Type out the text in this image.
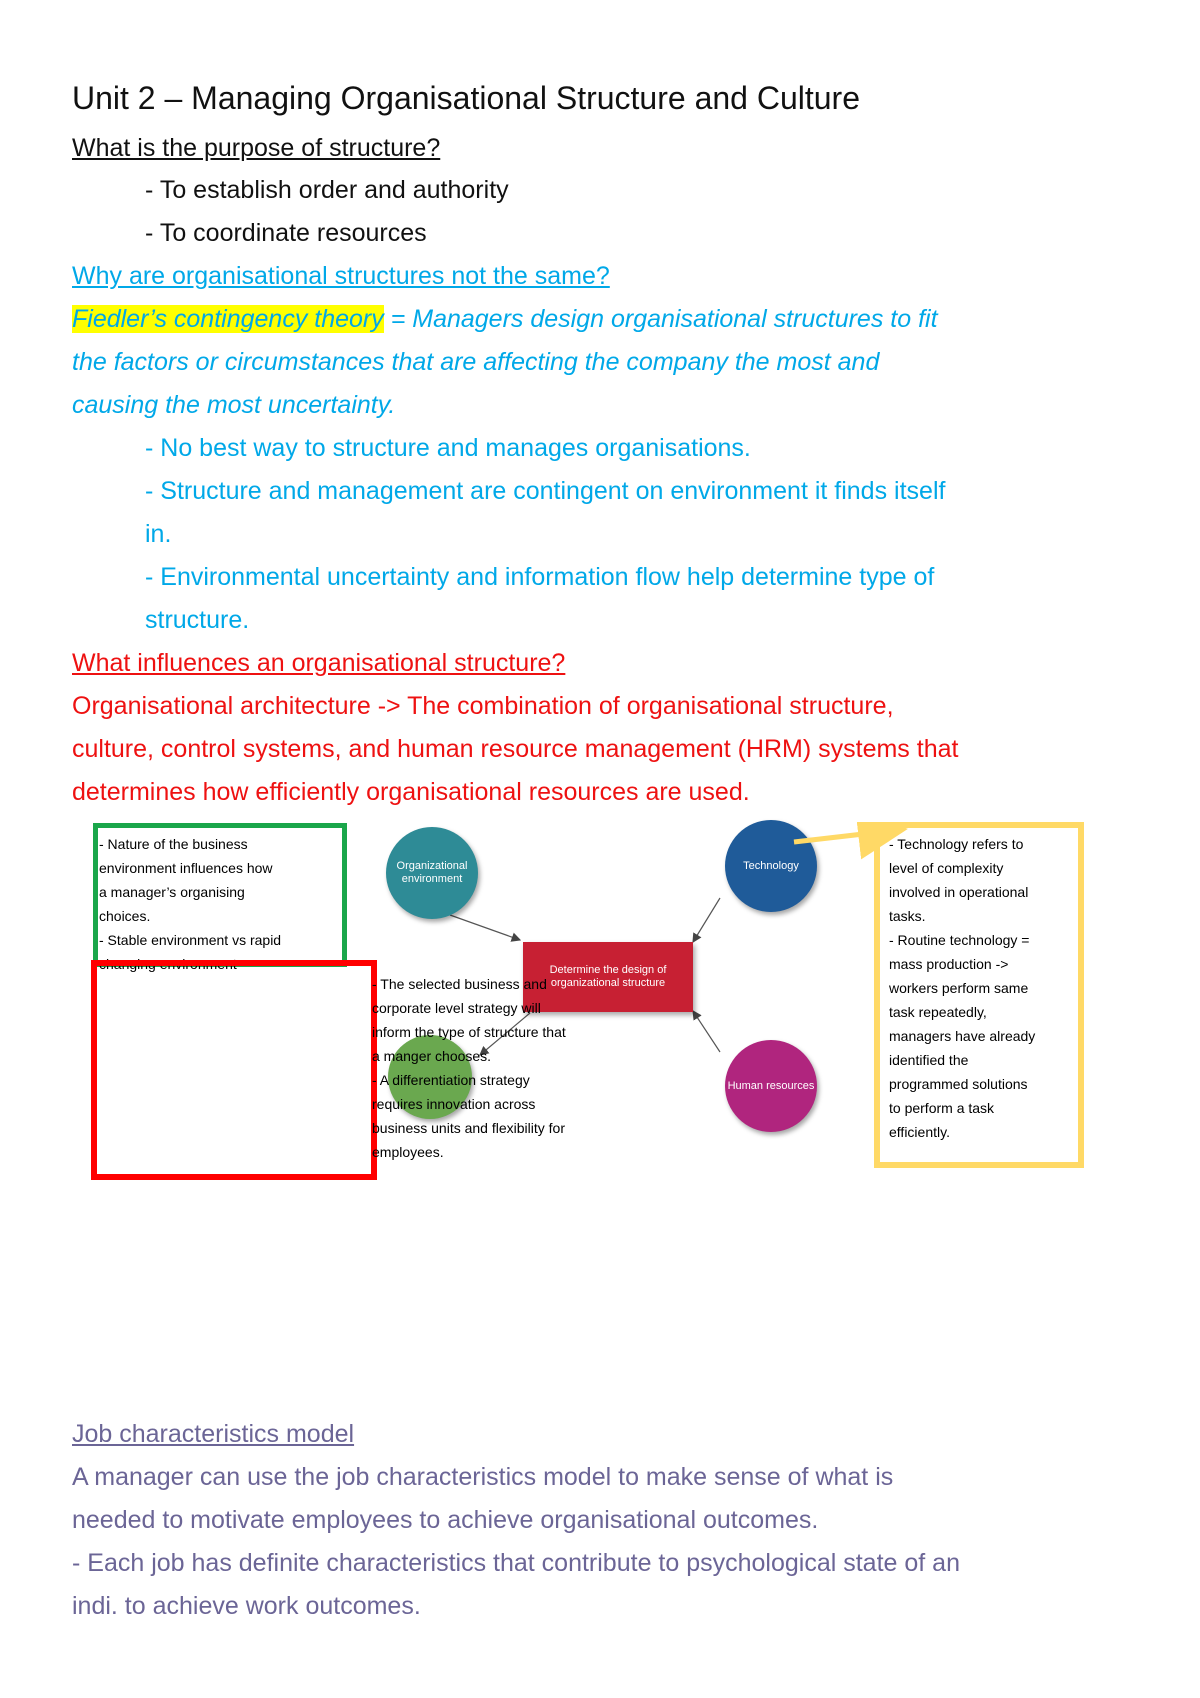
Unit 2 – Managing Organisational Structure and Culture
What is the purpose of structure?
- To establish order and authority
- To coordinate resources
Why are organisational structures not the same?
Fiedler’s contingency theory = Managers design organisational structures to fit
the factors or circumstances that are affecting the company the most and
causing the most uncertainty.
- No best way to structure and manages organisations.
- Structure and management are contingent on environment it finds itself
in.
- Environmental uncertainty and information flow help determine type of
structure.
What influences an organisational structure?
Organisational architecture -> The combination of organisational structure,
culture, control systems, and human resource management (HRM) systems that
determines how efficiently organisational resources are used.
Organizational environment
Technology
Determine the design of organizational structure
Human resources
- Nature of the business
environment influences how
a manager’s organising
choices.
- Stable environment vs rapid
changing environment
- The selected business and
corporate level strategy will
inform the type of structure that
a manger chooses.
- A differentiation strategy
requires innovation across
business units and flexibility for
employees.
- Technology refers to
level of complexity
involved in operational
tasks.
- Routine technology =
mass production ->
workers perform same
task repeatedly,
managers have already
identified the
programmed solutions
to perform a task
efficiently.
Job characteristics model
A manager can use the job characteristics model to make sense of what is
needed to motivate employees to achieve organisational outcomes.
- Each job has definite characteristics that contribute to psychological state of an
indi. to achieve work outcomes.
